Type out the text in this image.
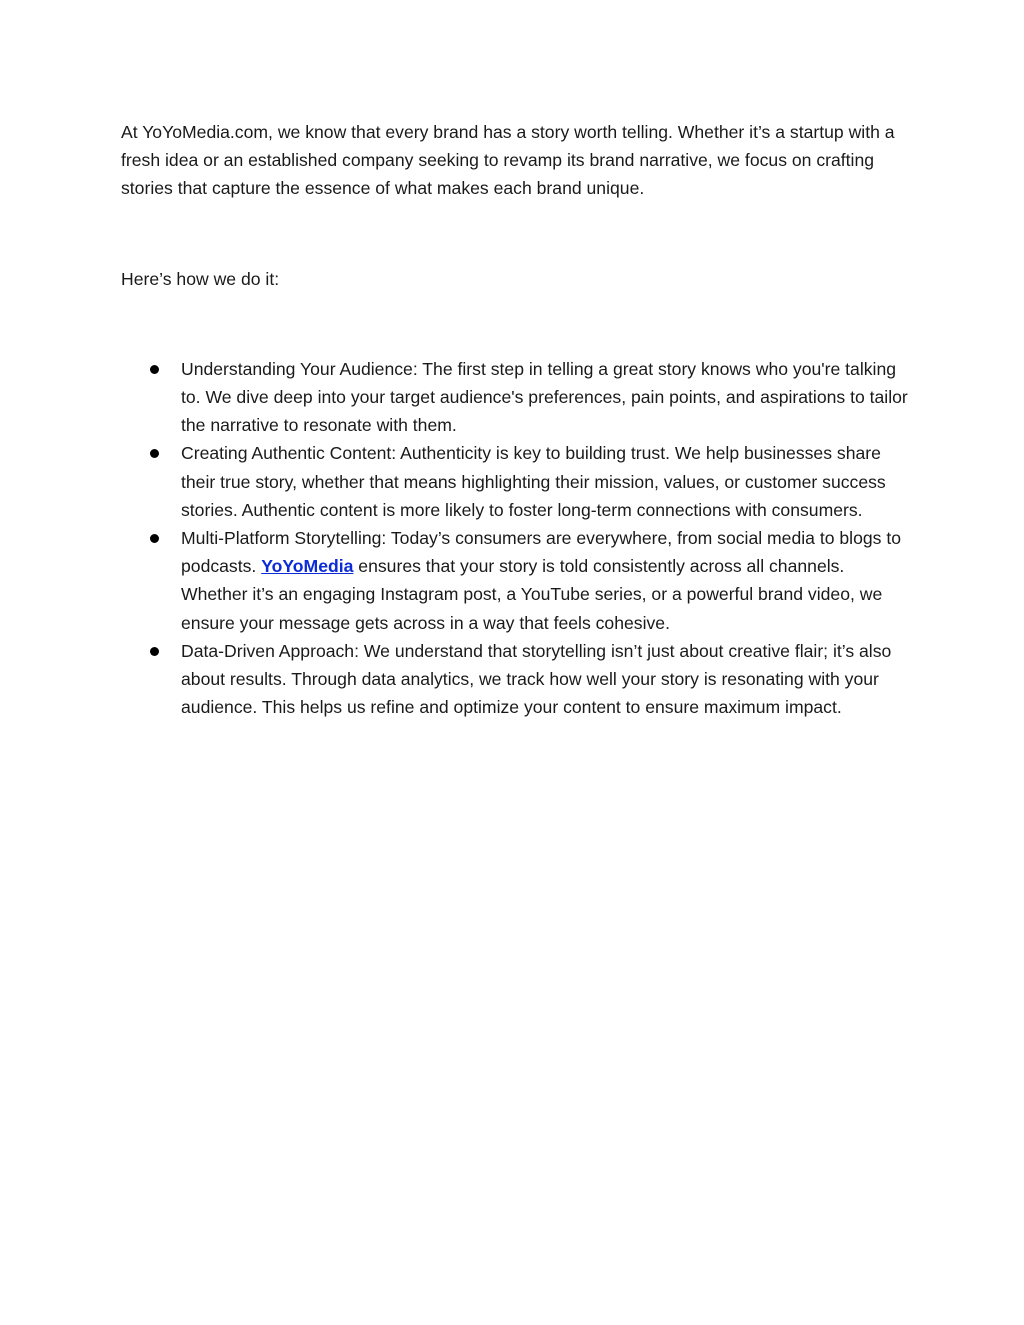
At YoYoMedia.com, we know that every brand has a story worth telling. Whether it’s a startup with a fresh idea or an established company seeking to revamp its brand narrative, we focus on crafting stories that capture the essence of what makes each brand unique.

Here’s how we do it:

Understanding Your Audience: The first step in telling a great story knows who you're talking to. We dive deep into your target audience's preferences, pain points, and aspirations to tailor the narrative to resonate with them.
Creating Authentic Content: Authenticity is key to building trust. We help businesses share their true story, whether that means highlighting their mission, values, or customer success stories. Authentic content is more likely to foster long-term connections with consumers.
Multi-Platform Storytelling: Today’s consumers are everywhere, from social media to blogs to podcasts. YoYoMedia ensures that your story is told consistently across all channels. Whether it’s an engaging Instagram post, a YouTube series, or a powerful brand video, we ensure your message gets across in a way that feels cohesive.
Data-Driven Approach: We understand that storytelling isn’t just about creative flair; it’s also about results. Through data analytics, we track how well your story is resonating with your audience. This helps us refine and optimize your content to ensure maximum impact.
